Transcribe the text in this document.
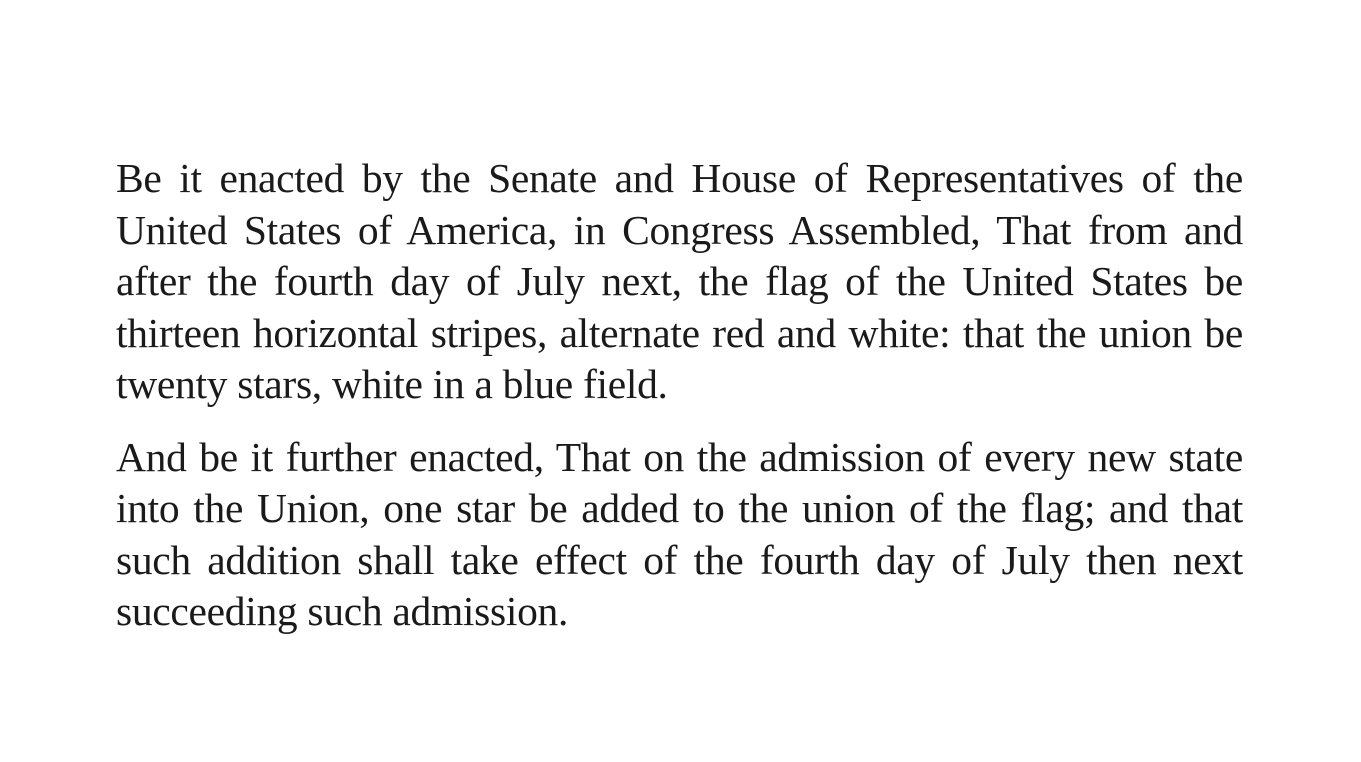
Be it enacted by the Senate and House of Representatives of the United States of America, in Congress Assembled, That from and after the fourth day of July next, the flag of the United States be thirteen horizontal stripes, alternate red and white: that the union be twenty stars, white in a blue field.

And be it further enacted, That on the admission of every new state into the Union, one star be added to the union of the flag; and that such addition shall take effect of the fourth day of July then next succeeding such admission.
